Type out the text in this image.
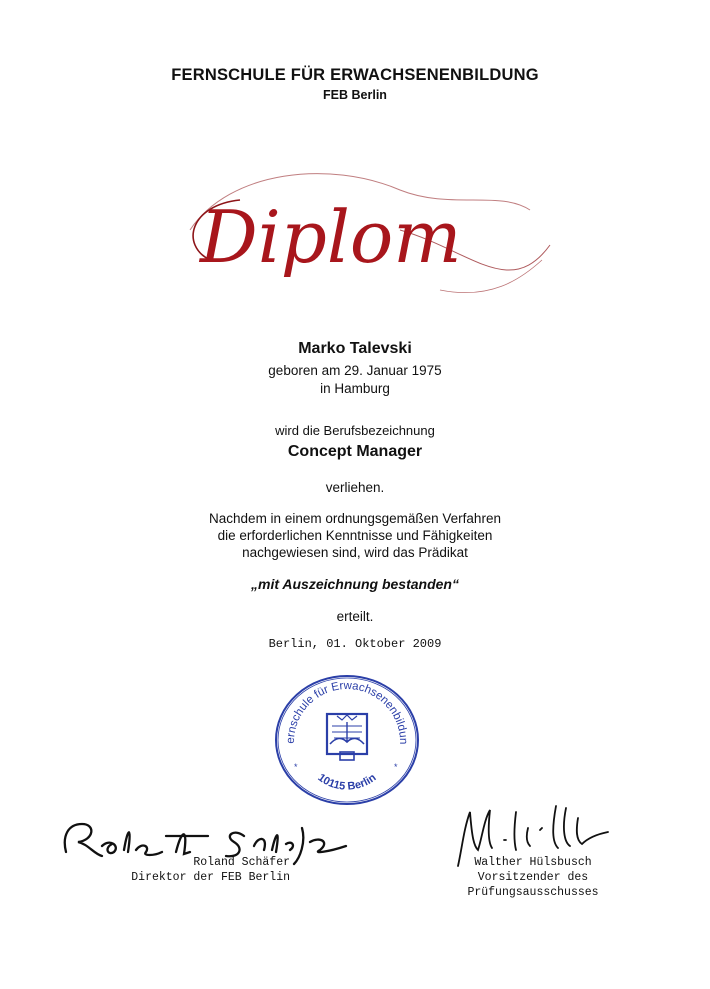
FERNSCHULE FÜR ERWACHSENENBILDUNG
FEB Berlin
Diplom
Marko Talevski
geboren am 29. Januar 1975
in Hamburg
wird die Berufsbezeichnung
Concept Manager
verliehen.
Nachdem in einem ordnungsgemäßen Verfahren
die erforderlichen Kenntnisse und Fähigkeiten
nachgewiesen sind, wird das Prädikat
„mit Auszeichnung bestanden“
erteilt.
Berlin, 01. Oktober 2009
ernschule für Erwachsenenbildun
10115 Berlin
*	*
Roland Schäfer
Direktor der FEB Berlin
Walther Hülsbusch
Vorsitzender des
Prüfungsausschusses
